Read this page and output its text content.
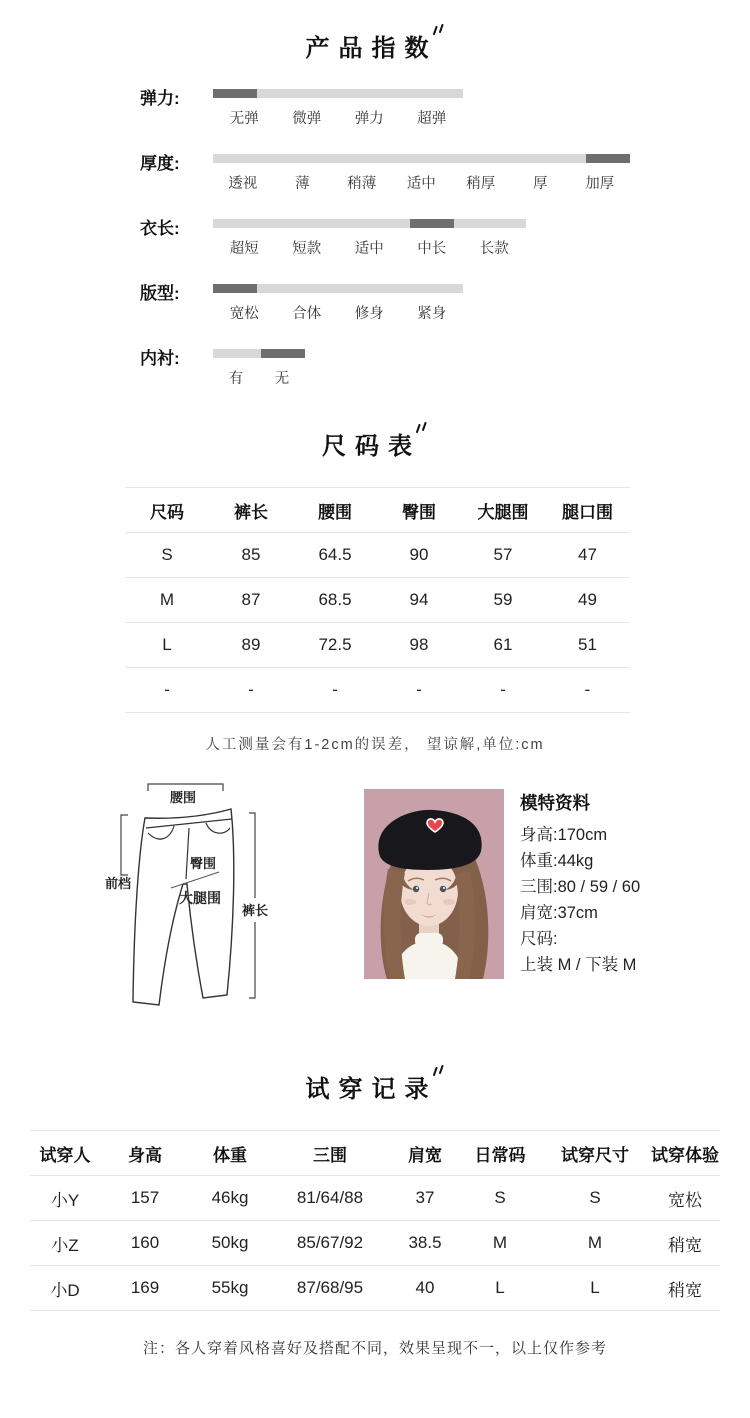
产品指数
弹力:
无弹	微弹	弹力	超弹
厚度:
透视	薄	稍薄	适中	稍厚	厚	加厚
衣长:
超短	短款	适中	中长	长款
版型:
宽松	合体	修身	紧身
内衬:
有	无
尺码表
尺码	裤长	腰围	臀围	大腿围	腿口围
S	85	64.5	90	57	47
M	87	68.5	94	59	49
L	89	72.5	98	61	51
-	-	-	-	-	-
人工测量会有1-2cm的误差， 望谅解,单位:cm
腰围
前档
臀围
大腿围
裤长
模特资料
身高:170cm
体重:44kg
三围:80 / 59 / 60
肩宽:37cm
尺码:
上装 M / 下装 M
试穿记录
试穿人	身高	体重	三围	肩宽	日常码	试穿尺寸	试穿体验
小Y	157	46kg	81/64/88	37	S	S	宽松
小Z	160	50kg	85/67/92	38.5	M	M	稍宽
小D	169	55kg	87/68/95	40	L	L	稍宽
注：各人穿着风格喜好及搭配不同，效果呈现不一，以上仅作参考
